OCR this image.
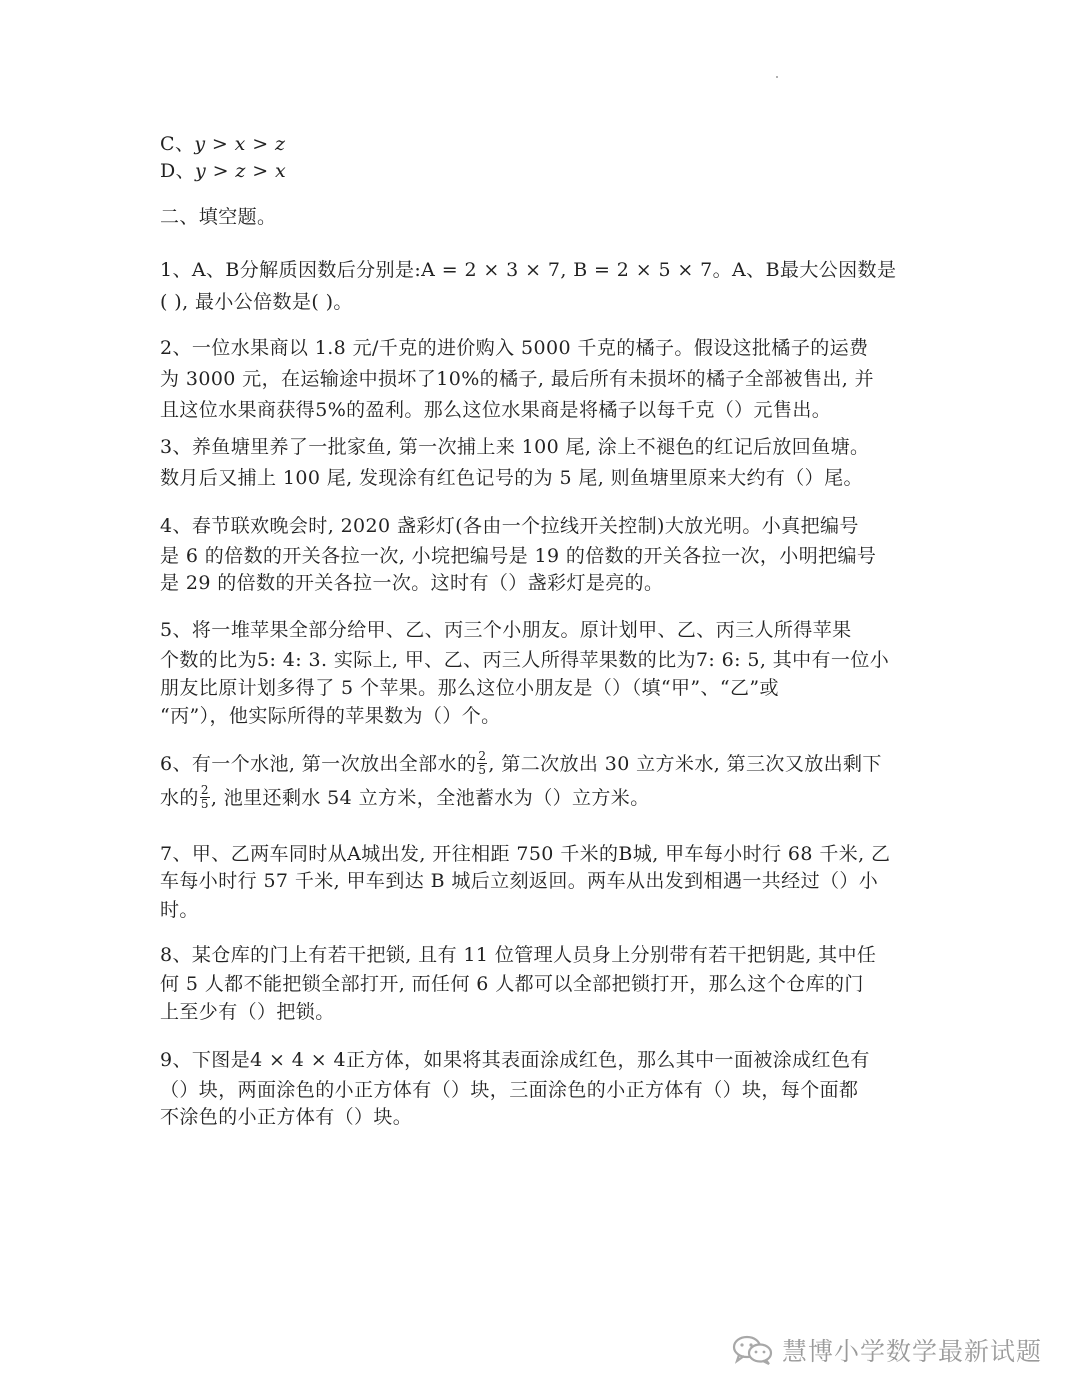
C、y > x > z
D、y > z > x
二、填空题。
1、A、B分解质因数后分别是:A = 2 × 3 × 7, B = 2 × 5 × 7。A、B最大公因数是
( ), 最小公倍数是( )。
2、一位水果商以 1.8 元/千克的进价购入 5000 千克的橘子。假设这批橘子的运费
为 3000 元，在运输途中损坏了10%的橘子, 最后所有未损坏的橘子全部被售出, 并
且这位水果商获得5%的盈利。那么这位水果商是将橘子以每千克（）元售出。
3、养鱼塘里养了一批家鱼, 第一次捕上来 100 尾, 涂上不褪色的红记后放回鱼塘。
数月后又捕上 100 尾, 发现涂有红色记号的为 5 尾, 则鱼塘里原来大约有（）尾。
4、春节联欢晚会时, 2020 盏彩灯(各由一个拉线开关控制)大放光明。小真把编号
是 6 的倍数的开关各拉一次, 小垸把编号是 19 的倍数的开关各拉一次，小明把编号
是 29 的倍数的开关各拉一次。这时有（）盏彩灯是亮的。
5、将一堆苹果全部分给甲、乙、丙三个小朋友。原计划甲、乙、丙三人所得苹果
个数的比为5: 4: 3. 实际上, 甲、乙、丙三人所得苹果数的比为7: 6: 5, 其中有一位小
朋友比原计划多得了 5 个苹果。那么这位小朋友是（）（填“甲”、“乙”或
“丙”），他实际所得的苹果数为（）个。
6、有一个水池, 第一次放出全部水的 $\frac{2}{5}$ , 第二次放出 30 立方米水, 第三次又放出剩下
水的 $\frac{2}{5}$ , 池里还剩水 54 立方米，全池蓄水为（）立方米。
7、甲、乙两车同时从A城出发, 开往相距 750 千米的B城, 甲车每小时行 68 千米, 乙
车每小时行 57 千米, 甲车到达 B 城后立刻返回。两车从出发到相遇一共经过（）小
时。
8、某仓库的门上有若干把锁, 且有 11 位管理人员身上分别带有若干把钥匙, 其中任
何 5 人都不能把锁全部打开, 而任何 6 人都可以全部把锁打开，那么这个仓库的门
上至少有（）把锁。
9、下图是4 × 4 × 4正方体，如果将其表面涂成红色，那么其中一面被涂成红色有
（）块，两面涂色的小正方体有（）块，三面涂色的小正方体有（）块，每个面都
不涂色的小正方体有（）块。
慧博小学数学最新试题
